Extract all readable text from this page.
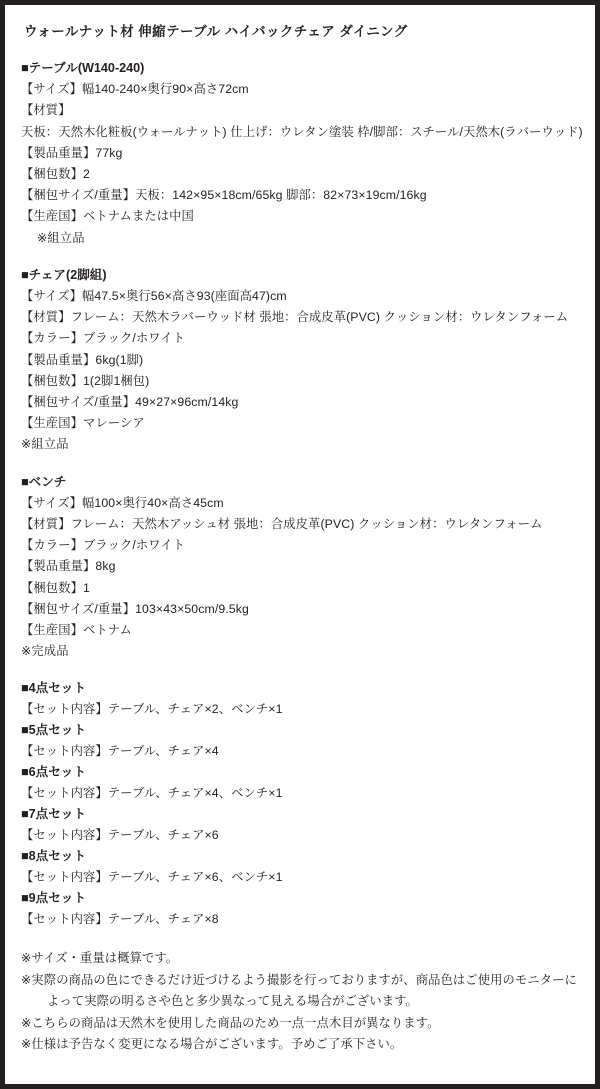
ウォールナット材 伸縮テーブル ハイバックチェア ダイニング
■テーブル(W140-240)
【サイズ】幅140-240×奥行90×高さ72cm
【材質】
天板：天然木化粧板(ウォールナット) 仕上げ：ウレタン塗装 枠/脚部：スチール/天然木(ラバーウッド)
【製品重量】77kg
【梱包数】2
【梱包サイズ/重量】天板：142×95×18cm/65kg 脚部：82×73×19cm/16kg
【生産国】ベトナムまたは中国
※組立品
■チェア(2脚組)
【サイズ】幅47.5×奥行56×高さ93(座面高47)cm
【材質】フレーム：天然木ラバーウッド材 張地：合成皮革(PVC) クッション材：ウレタンフォーム
【カラー】ブラック/ホワイト
【製品重量】6kg(1脚)
【梱包数】1(2脚1梱包)
【梱包サイズ/重量】49×27×96cm/14kg
【生産国】マレーシア
※組立品
■ベンチ
【サイズ】幅100×奥行40×高さ45cm
【材質】フレーム：天然木アッシュ材 張地：合成皮革(PVC) クッション材：ウレタンフォーム
【カラー】ブラック/ホワイト
【製品重量】8kg
【梱包数】1
【梱包サイズ/重量】103×43×50cm/9.5kg
【生産国】ベトナム
※完成品
■4点セット
【セット内容】テーブル、チェア×2、ベンチ×1
■5点セット
【セット内容】テーブル、チェア×4
■6点セット
【セット内容】テーブル、チェア×4、ベンチ×1
■7点セット
【セット内容】テーブル、チェア×6
■8点セット
【セット内容】テーブル、チェア×6、ベンチ×1
■9点セット
【セット内容】テーブル、チェア×8
※サイズ・重量は概算です。
※実際の商品の色にできるだけ近づけるよう撮影を行っておりますが、商品色はご使用のモニターに
よって実際の明るさや色と多少異なって見える場合がございます。
※こちらの商品は天然木を使用した商品のため一点一点木目が異なります。
※仕様は予告なく変更になる場合がございます。予めご了承下さい。
